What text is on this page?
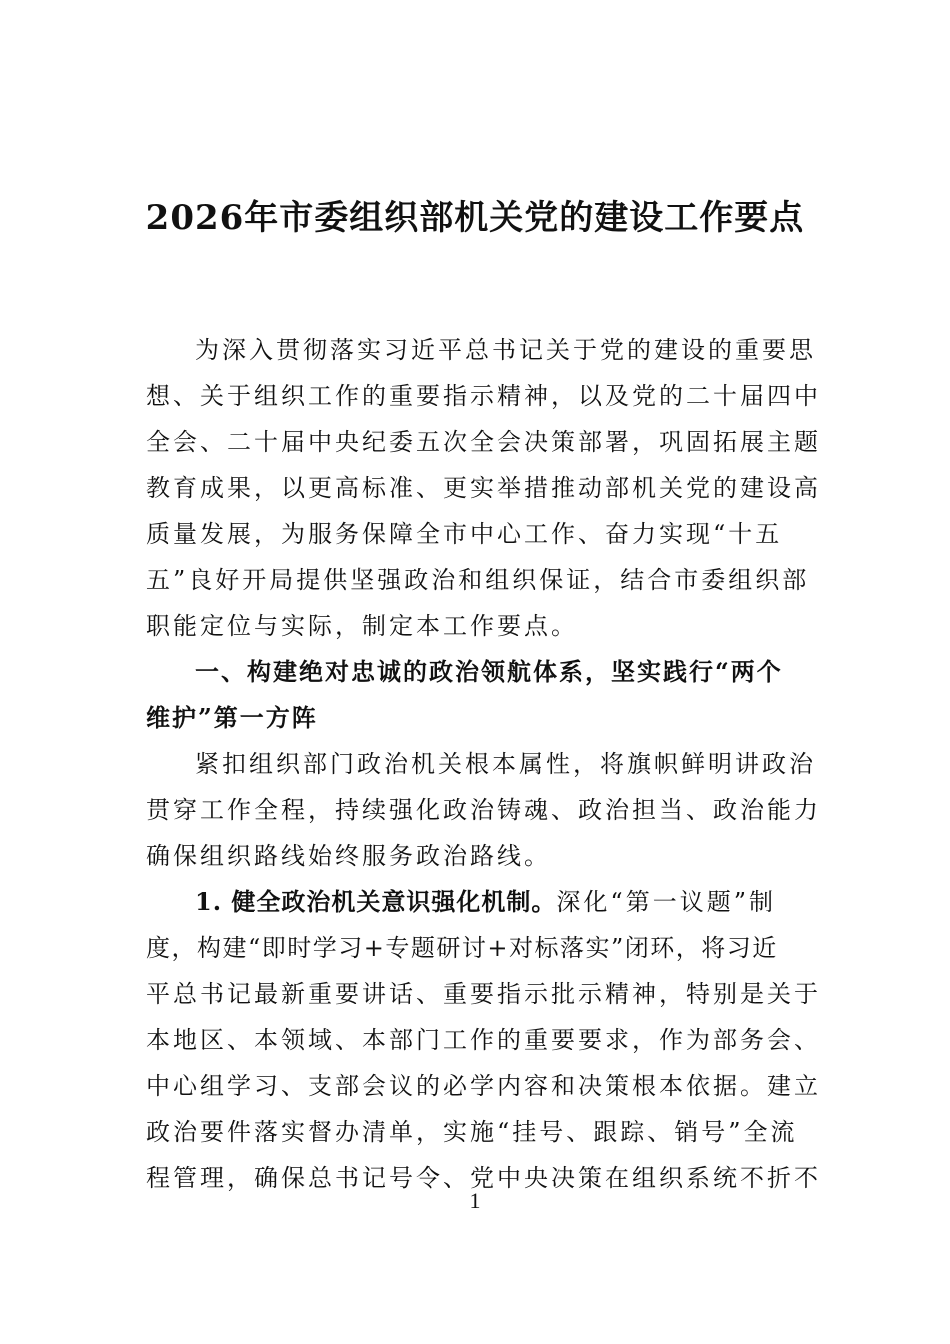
2026年市委组织部机关党的建设工作要点

为深入贯彻落实习近平总书记关于党的建设的重要思

想、关于组织工作的重要指示精神，以及党的二十届四中

全会、二十届中央纪委五次全会决策部署，巩固拓展主题

教育成果，以更高标准、更实举措推动部机关党的建设高

质量发展，为服务保障全市中心工作、奋力实现“十五

五”良好开局提供坚强政治和组织保证，结合市委组织部

职能定位与实际，制定本工作要点。

一、构建绝对忠诚的政治领航体系，坚实践行“两个

维护”第一方阵

紧扣组织部门政治机关根本属性，将旗帜鲜明讲政治

贯穿工作全程，持续强化政治铸魂、政治担当、政治能力

确保组织路线始终服务政治路线。

1. 健全政治机关意识强化机制。深化“第一议题”制

度，构建“即时学习+专题研讨+对标落实”闭环，将习近

平总书记最新重要讲话、重要指示批示精神，特别是关于

本地区、本领域、本部门工作的重要要求，作为部务会、

中心组学习、支部会议的必学内容和决策根本依据。建立

政治要件落实督办清单，实施“挂号、跟踪、销号”全流

程管理，确保总书记号令、党中央决策在组织系统不折不

1
